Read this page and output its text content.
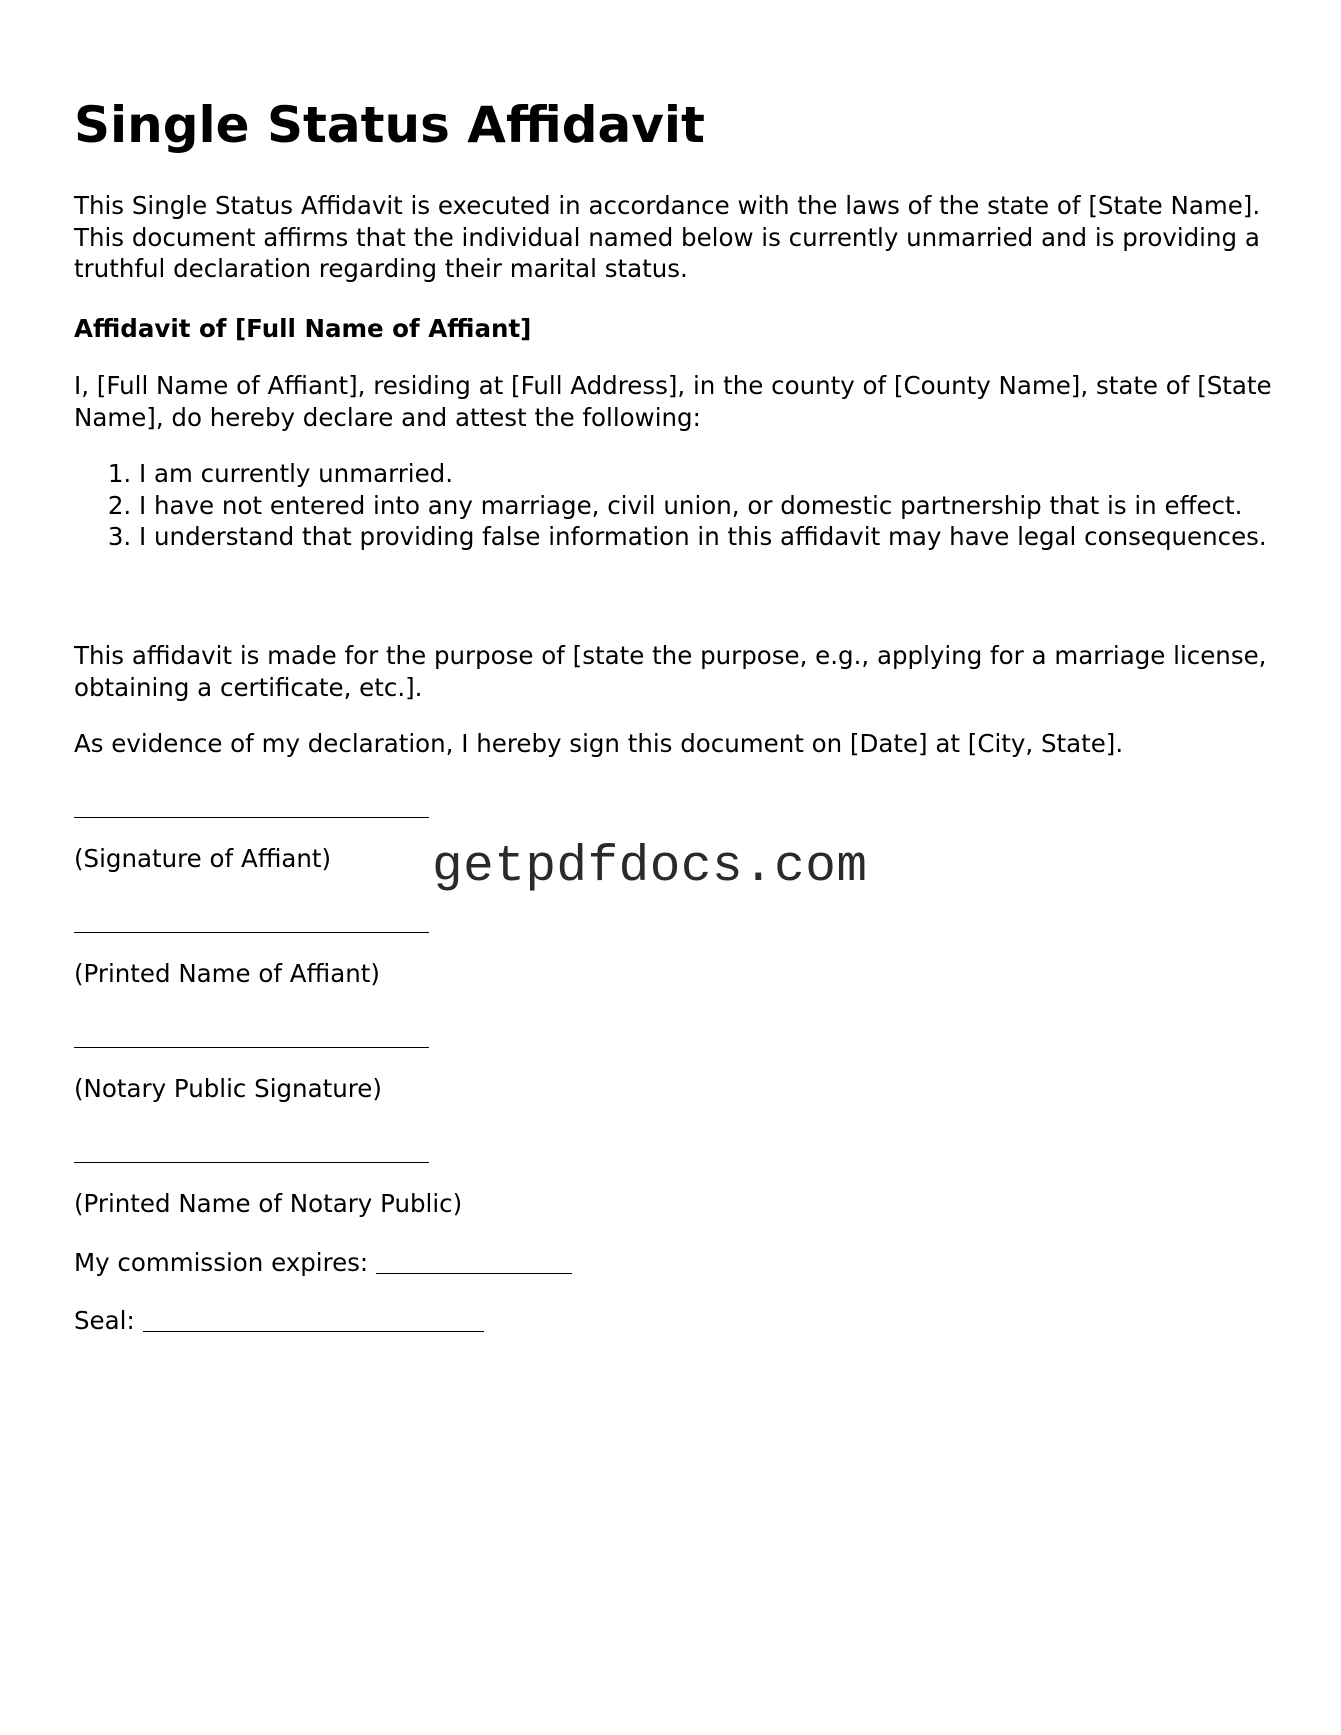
Single Status Affidavit

This Single Status Affidavit is executed in accordance with the laws of the state of [State Name]. This document affirms that the individual named below is currently unmarried and is providing a truthful declaration regarding their marital status.

Affidavit of [Full Name of Affiant]

I, [Full Name of Affiant], residing at [Full Address], in the county of [County Name], state of [State Name], do hereby declare and attest the following:

1. I am currently unmarried.
2. I have not entered into any marriage, civil union, or domestic partnership that is in effect.
3. I understand that providing false information in this affidavit may have legal consequences.

This affidavit is made for the purpose of [state the purpose, e.g., applying for a marriage license, obtaining a certificate, etc.].

As evidence of my declaration, I hereby sign this document on [Date] at [City, State].

(Signature of Affiant)

(Printed Name of Affiant)

(Notary Public Signature)

(Printed Name of Notary Public)

My commission expires:
Seal:
getpdfdocs.com
